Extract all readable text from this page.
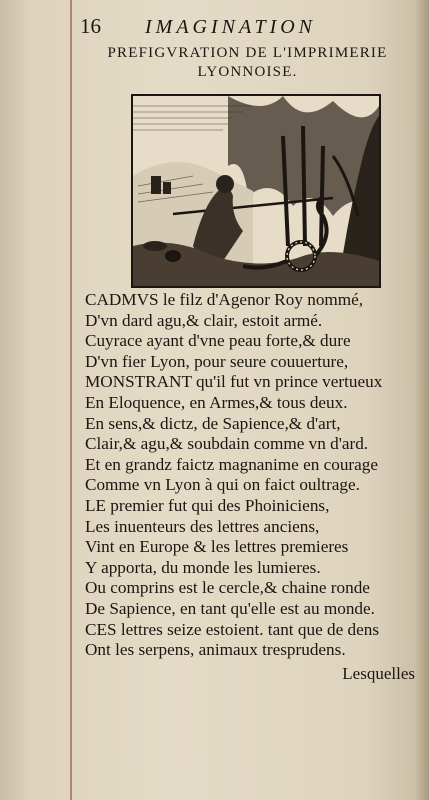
16 IMAGINATION
PREFIGVRATION DE L'IMPRIMERIE
LYONNOISE.
CADMVS le filz d'Agenor Roy nommé,
D'vn dard agu,& clair, estoit armé.
Cuyrace ayant d'vne peau forte,& dure
D'vn fier Lyon, pour seure couuerture,
MONSTRANT qu'il fut vn prince vertueux
En Eloquence, en Armes,& tous deux.
En sens,& dictz, de Sapience,& d'art,
Clair,& agu,& soubdain comme vn d'ard.
Et en grandz faictz magnanime en courage
Comme vn Lyon à qui on faict oultrage.
LE premier fut qui des Phoiniciens,
Les inuenteurs des lettres anciens,
Vint en Europe & les lettres premieres
Y apporta, du monde les lumieres.
Ou comprins est le cercle,& chaine ronde
De Sapience, en tant qu'elle est au monde.
CES lettres seize estoient. tant que de dens
Ont les serpens, animaux tresprudens.
Lesquelles
